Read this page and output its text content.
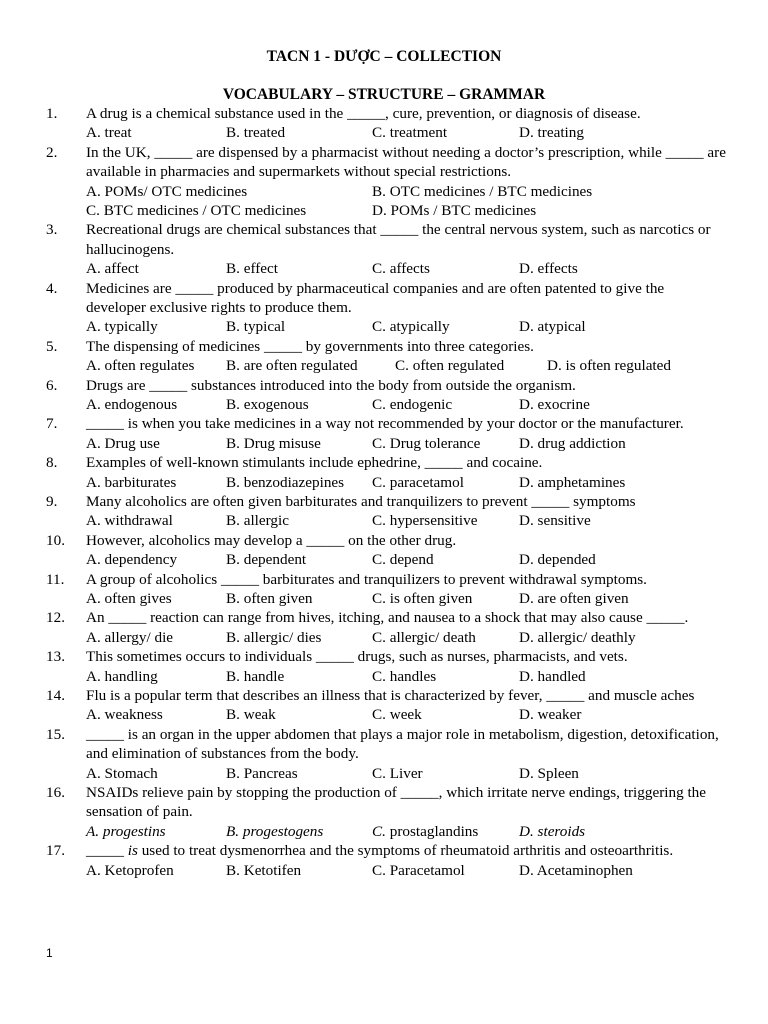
TACN 1 - DƯỢC – COLLECTION
VOCABULARY – STRUCTURE – GRAMMAR
1. A drug is a chemical substance used in the _____, cure, prevention, or diagnosis of disease.
A. treat	B. treated	C. treatment	D. treating
2. In the UK, _____ are dispensed by a pharmacist without needing a doctor’s prescription, while _____ are available in pharmacies and supermarkets without special restrictions.
A. POMs/ OTC medicines	B. OTC medicines / BTC medicines
C. BTC medicines / OTC medicines	D. POMs / BTC medicines
3. Recreational drugs are chemical substances that _____ the central nervous system, such as narcotics or hallucinogens.
A. affect	B. effect	C. affects	D. effects
4. Medicines are _____ produced by pharmaceutical companies and are often patented to give the developer exclusive rights to produce them.
A. typically	B. typical	C. atypically	D. atypical
5. The dispensing of medicines _____ by governments into three categories.
A. often regulates B. are often regulated C. often regulated	D. is often regulated
6. Drugs are _____ substances introduced into the body from outside the organism.
A. endogenous	B. exogenous	C. endogenic	D. exocrine
7. _____ is when you take medicines in a way not recommended by your doctor or the manufacturer.
A. Drug use	B. Drug misuse	C. Drug tolerance	D. drug addiction
8. Examples of well-known stimulants include ephedrine, _____ and cocaine.
A. barbiturates	B. benzodiazepines C. paracetamol	D. amphetamines
9. Many alcoholics are often given barbiturates and tranquilizers to prevent _____ symptoms
A. withdrawal	B. allergic	C. hypersensitive	D. sensitive
10. However, alcoholics may develop a _____ on the other drug.
A. dependency	B. dependent	C. depend	D. depended
11. A group of alcoholics _____ barbiturates and tranquilizers to prevent withdrawal symptoms.
A. often gives	B. often given	C. is often given	D. are often given
12. An _____ reaction can range from hives, itching, and nausea to a shock that may also cause _____.
A. allergy/ die	B. allergic/ dies	C. allergic/ death	D. allergic/ deathly
13. This sometimes occurs to individuals _____ drugs, such as nurses, pharmacists, and vets.
A. handling	B. handle	C. handles	D. handled
14. Flu is a popular term that describes an illness that is characterized by fever, _____ and muscle aches
A. weakness	B. weak	C. week	D. weaker
15. _____ is an organ in the upper abdomen that plays a major role in metabolism, digestion, detoxification, and elimination of substances from the body.
A. Stomach	B. Pancreas	C. Liver	D. Spleen
16. NSAIDs relieve pain by stopping the production of _____, which irritate nerve endings, triggering the sensation of pain.
A. progestins	B. progestogens	C. prostaglandins	D. steroids
17. _____ is used to treat dysmenorrhea and the symptoms of rheumatoid arthritis and osteoarthritis.
A. Ketoprofen	B. Ketotifen	C. Paracetamol	D. Acetaminophen
1
